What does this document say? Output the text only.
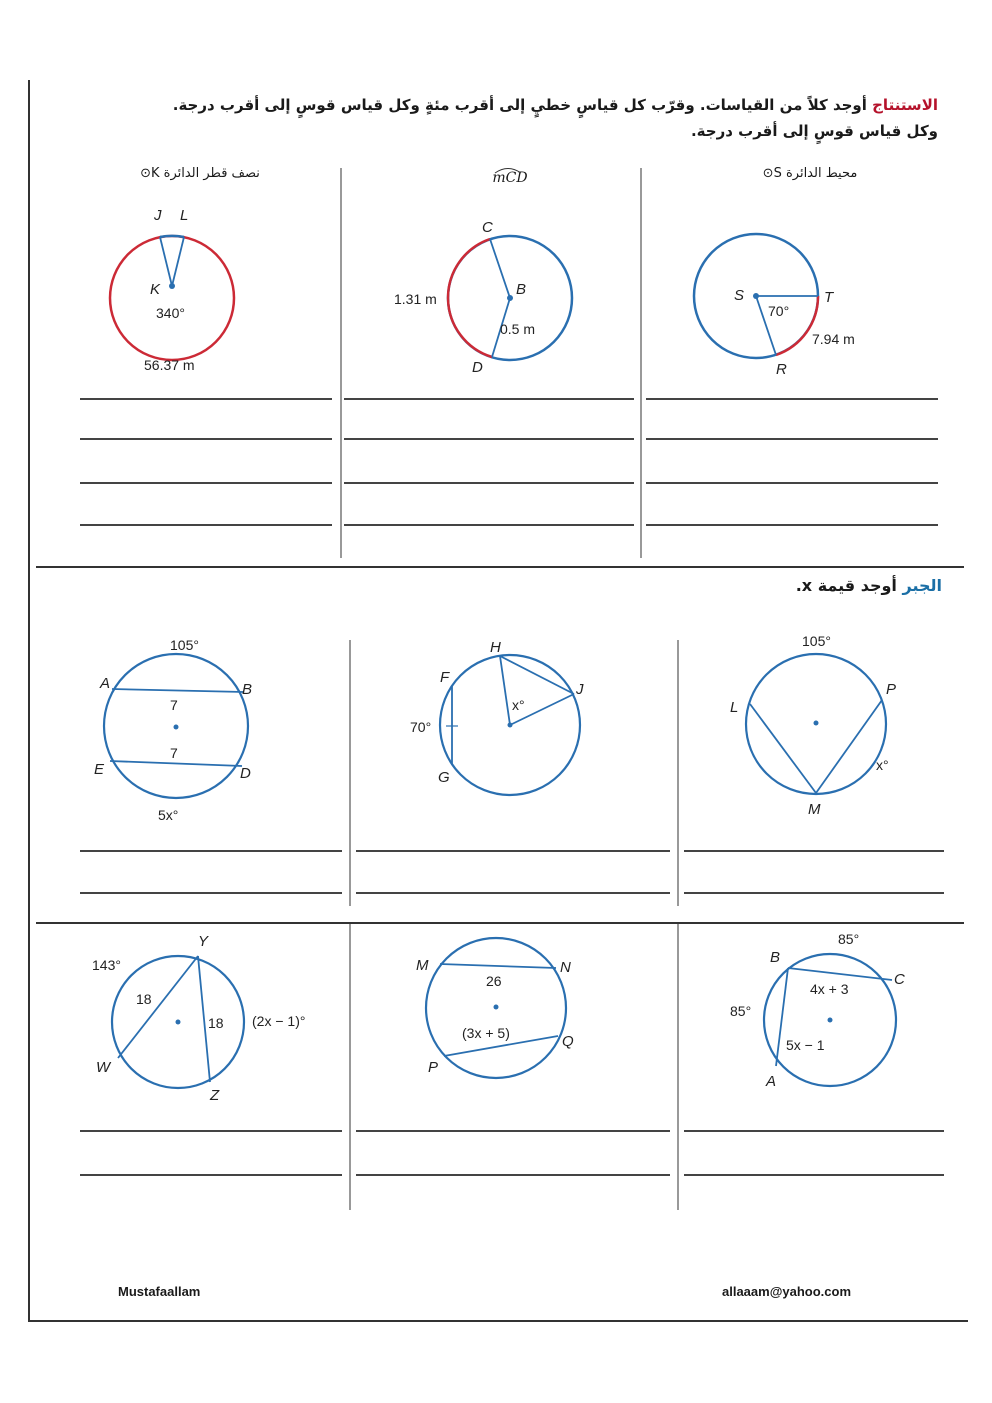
الاستنتاج أوجد كلاً من القياسات. وقرّب كل قياسٍ خطيٍ إلى أقرب مئةٍ وكل قياس قوسٍ إلى أقرب درجة.
وكل قياس قوسٍ إلى أقرب درجة.
نصف قطر الدائرة K⊙	mCD	محيط الدائرة S⊙
J L
K
340°
56.37 m
C
B
D
1.31 m
0.5 m
S	T
R
70°
7.94 m
الجبر أوجد قيمة x.
105°
5x°
7
7
A	B
E	D
H
F
G
J
70°
x°
105°
L
P
M
x°
143°
(2x − 1)°
18
18
Y
W
Z
26
(3x + 5)
M	N
P
Q
85°
85°
4x + 3
5x − 1
B
C
A
Mustafaallam	allaaam@yahoo.com
